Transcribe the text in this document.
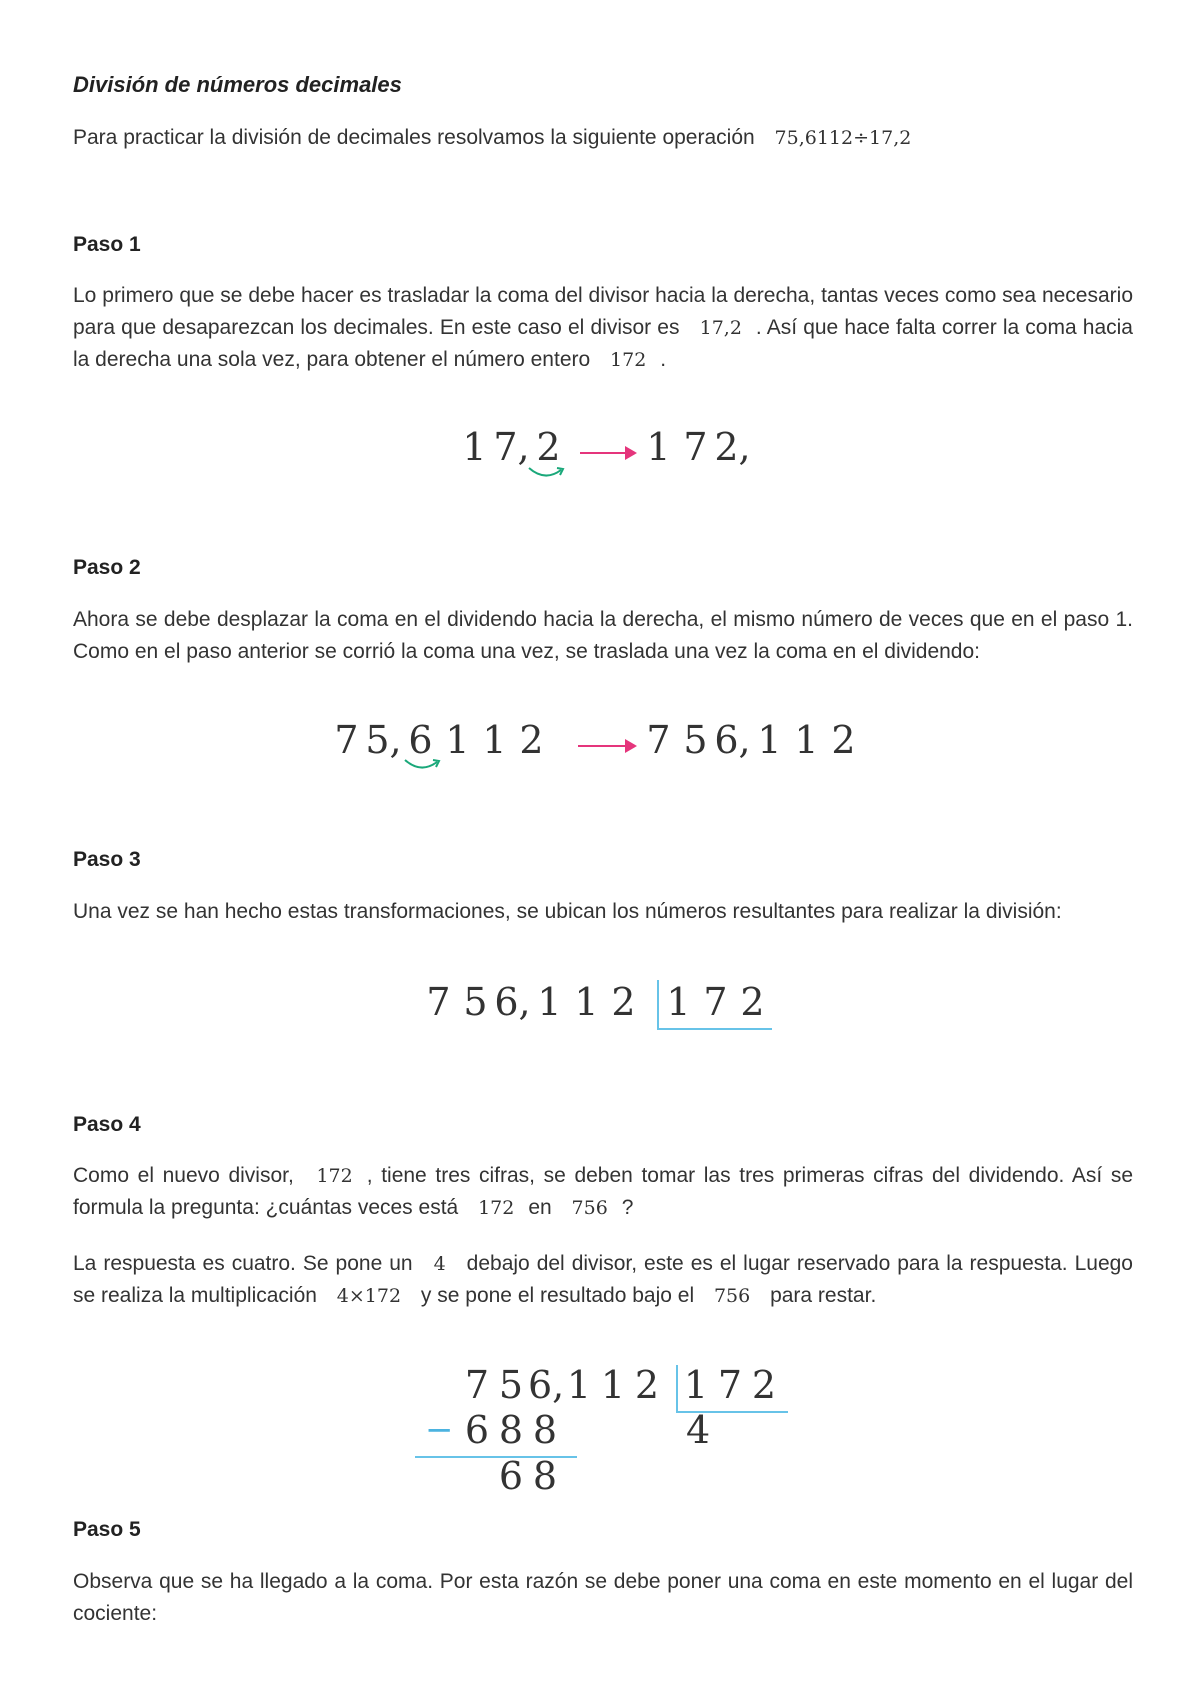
División de números decimales
Para practicar la división de decimales resolvamos la siguiente operación 75,6112÷17,2
Paso 1
Lo primero que se debe hacer es trasladar la coma del divisor hacia la derecha, tantas veces como sea necesario para que desaparezcan los decimales. En este caso el divisor es 17,2 . Así que hace falta correr la coma hacia la derecha una sola vez, para obtener el número entero 172 .
1 7, 2 1 7 2,
Paso 2
Ahora se debe desplazar la coma en el dividendo hacia la derecha, el mismo número de veces que en el paso 1. Como en el paso anterior se corrió la coma una vez, se traslada una vez la coma en el dividendo:
7 5, 6 1 1 2	7 5 6, 1 1 2
Paso 3
Una vez se han hecho estas transformaciones, se ubican los números resultantes para realizar la división:
7 5 6, 1 1 2 1 7 2
Paso 4
Como el nuevo divisor, 172 , tiene tres cifras, se deben tomar las tres primeras cifras del dividendo. Así se formula la pregunta: ¿cuántas veces está 172 en 756 ?
La respuesta es cuatro. Se pone un 4 debajo del divisor, este es el lugar reservado para la respuesta. Luego se realiza la multiplicación 4×172 y se pone el resultado bajo el 756 para restar.
7 5 6,1 1 2 1 7 2
− 6 8 8	4
6 8
Paso 5
Observa que se ha llegado a la coma. Por esta razón se debe poner una coma en este momento en el lugar del cociente:
